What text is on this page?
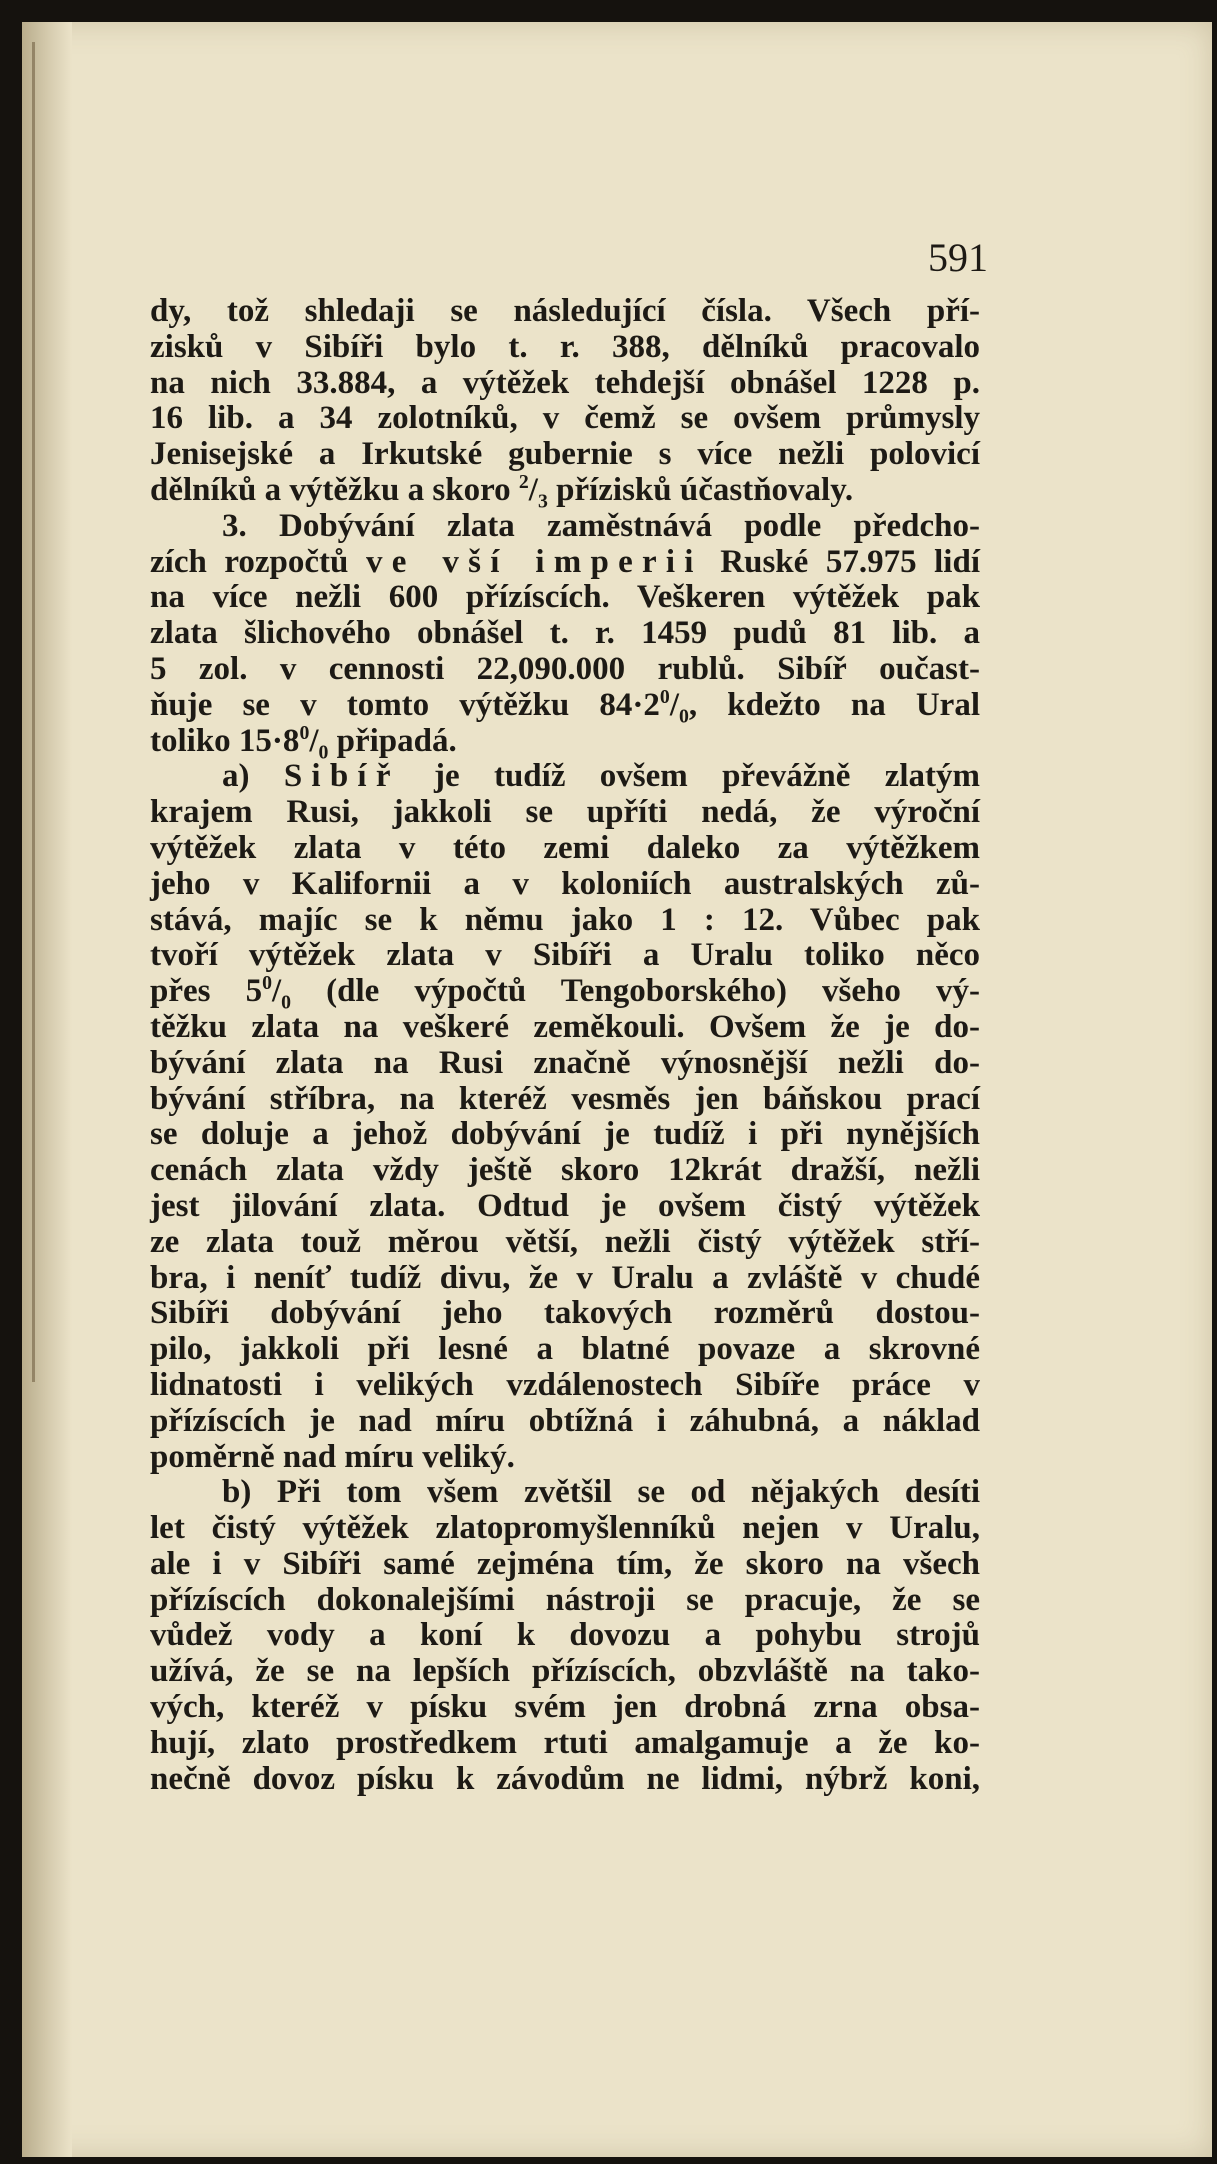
591
dy, tož shledaji se následující čísla. Všech pří-
zisků v Sibíři bylo t. r. 388, dělníků pracovalo
na nich 33.884, a výtěžek tehdejší obnášel 1228 p.
16 lib. a 34 zolotníků, v čemž se ovšem průmysly
Jenisejské a Irkutské gubernie s více nežli polovicí
dělníků a výtěžku a skoro $^2/_3$ přízisků účastňovaly.
3. Dobývání zlata zaměstnává podle předcho-
zích rozpočtů ve vší imperii Ruské 57.975 lidí
na více nežli 600 přízíscích. Veškeren výtěžek pak
zlata šlichového obnášel t. r. 1459 pudů 81 lib. a
5 zol. v cennosti 22,090.000 rublů. Sibíř oučast-
ňuje se v tomto výtěžku $84\cdot 2^0/_0$, kdežto na Ural
toliko $15\cdot 8^0/_0$ připadá.
a) Sibíř je tudíž ovšem převážně zlatým
krajem Rusi, jakkoli se upříti nedá, že výroční
výtěžek zlata v této zemi daleko za výtěžkem
jeho v Kalifornii a v koloniích australských zů-
stává, majíc se k němu jako 1 : 12. Vůbec pak
tvoří výtěžek zlata v Sibíři a Uralu toliko něco
přes $5^0/_0$ (dle výpočtů Tengoborského) všeho vý-
těžku zlata na veškeré zeměkouli. Ovšem že je do-
bývání zlata na Rusi značně výnosnější nežli do-
bývání stříbra, na kteréž vesměs jen báňskou prací
se doluje a jehož dobývání je tudíž i při nynějších
cenách zlata vždy ještě skoro 12krát dražší, nežli
jest jilování zlata. Odtud je ovšem čistý výtěžek
ze zlata touž měrou větší, nežli čistý výtěžek stří-
bra, i neníť tudíž divu, že v Uralu a zvláště v chudé
Sibíři dobývání jeho takových rozměrů dostou-
pilo, jakkoli při lesné a blatné povaze a skrovné
lidnatosti i velikých vzdálenostech Sibíře práce v
přízíscích je nad míru obtížná i záhubná, a náklad
poměrně nad míru veliký.
b) Při tom všem zvětšil se od nějakých desíti
let čistý výtěžek zlatopromyšlenníků nejen v Uralu,
ale i v Sibíři samé zejména tím, že skoro na všech
přízíscích dokonalejšími nástroji se pracuje, že se
vůdež vody a koní k dovozu a pohybu strojů
užívá, že se na lepších přízíscích, obzvláště na tako-
vých, kteréž v písku svém jen drobná zrna obsa-
hují, zlato prostředkem rtuti amalgamuje a že ko-
nečně dovoz písku k závodům ne lidmi, nýbrž koni,
